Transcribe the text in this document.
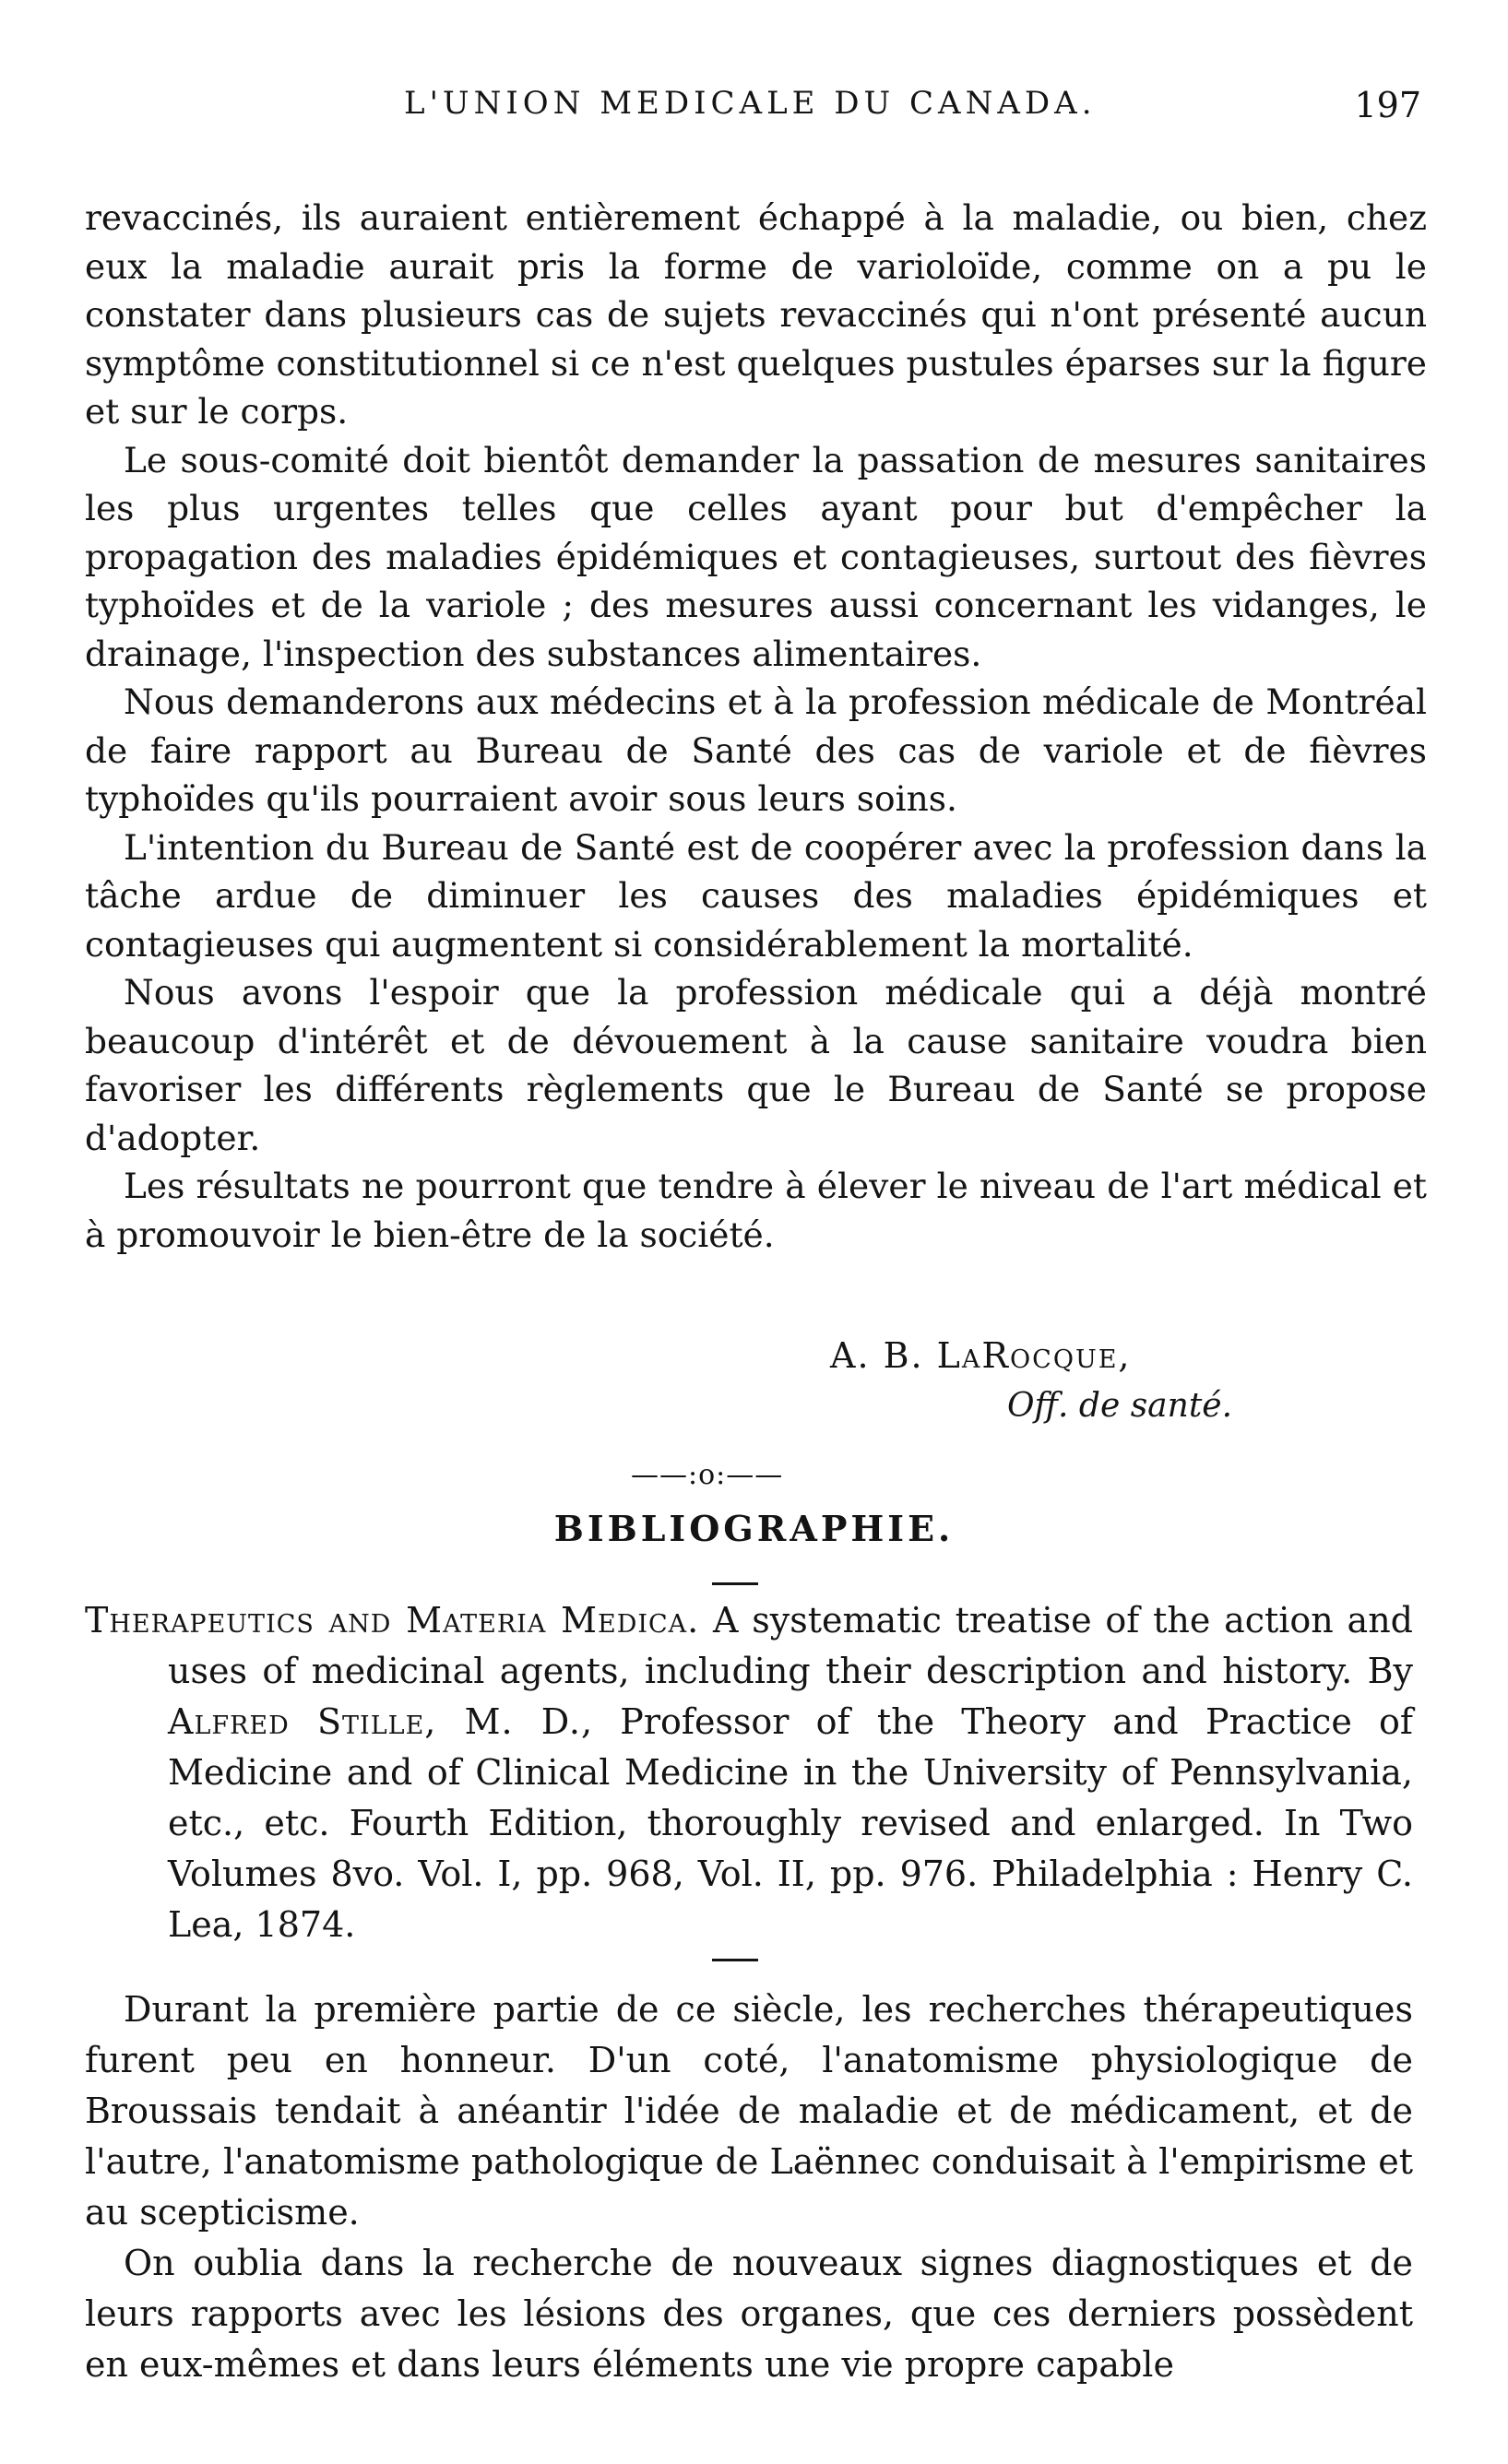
L'UNION MEDICALE DU CANADA.	197

revaccinés, ils auraient entièrement échappé à la maladie, ou bien, chez eux la maladie aurait pris la forme de varioloïde, comme on a pu le constater dans plusieurs cas de sujets revaccinés qui n'ont présenté aucun symptôme constitutionnel si ce n'est quelques pustules éparses sur la figure et sur le corps.

Le sous-comité doit bientôt demander la passation de mesures sanitaires les plus urgentes telles que celles ayant pour but d'empêcher la propagation des maladies épidémiques et contagieuses, surtout des fièvres typhoïdes et de la variole ; des mesures aussi concernant les vidanges, le drainage, l'inspection des substances alimentaires.

Nous demanderons aux médecins et à la profession médicale de Montréal de faire rapport au Bureau de Santé des cas de variole et de fièvres typhoïdes qu'ils pourraient avoir sous leurs soins.

L'intention du Bureau de Santé est de coopérer avec la profession dans la tâche ardue de diminuer les causes des maladies épidémiques et contagieuses qui augmentent si considérablement la mortalité.

Nous avons l'espoir que la profession médicale qui a déjà montré beaucoup d'intérêt et de dévouement à la cause sanitaire voudra bien favoriser les différents règlements que le Bureau de Santé se propose d'adopter.

Les résultats ne pourront que tendre à élever le niveau de l'art médical et à promouvoir le bien-être de la société.

A. B. LaRocque,
Off. de santé.
——:o:——
BIBLIOGRAPHIE.
Therapeutics and Materia Medica. A systematic treatise of the action and uses of medicinal agents, including their description and history. By Alfred Stille, M. D., Professor of the Theory and Practice of Medicine and of Clinical Medicine in the University of Pennsylvania, etc., etc. Fourth Edition, thoroughly revised and enlarged. In Two Volumes 8vo. Vol. I, pp. 968, Vol. II, pp. 976. Philadelphia : Henry C. Lea, 1874.

Durant la première partie de ce siècle, les recherches thérapeutiques furent peu en honneur. D'un coté, l'anatomisme physiologique de Broussais tendait à anéantir l'idée de maladie et de médicament, et de l'autre, l'anatomisme pathologique de Laënnec conduisait à l'empirisme et au scepticisme.

On oublia dans la recherche de nouveaux signes diagnostiques et de leurs rapports avec les lésions des organes, que ces derniers possèdent en eux-mêmes et dans leurs éléments une vie propre capable
